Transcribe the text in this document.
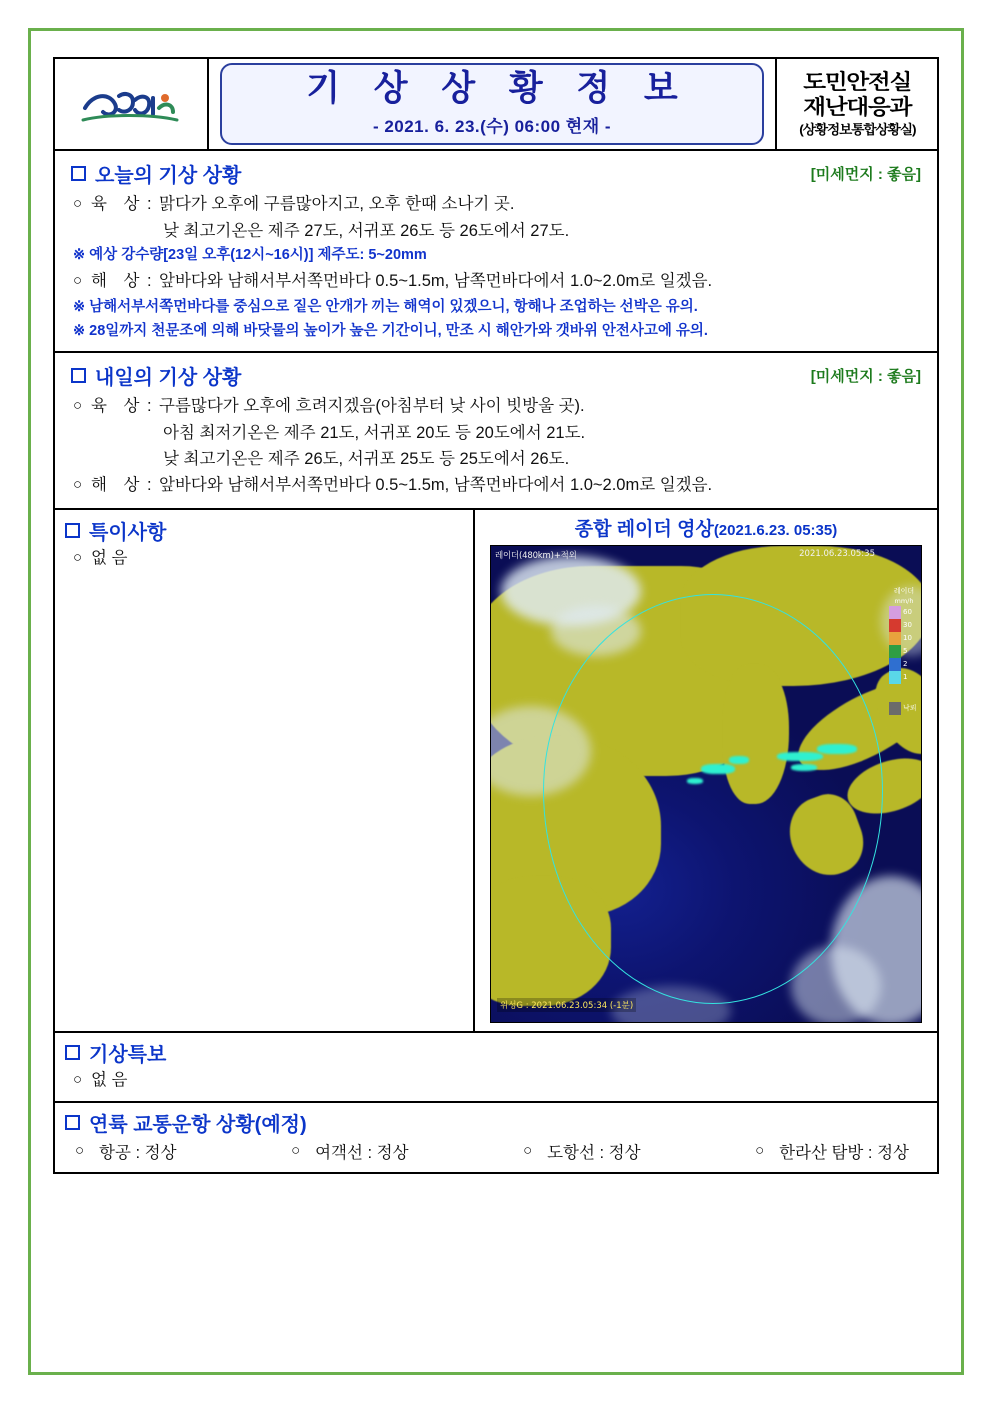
기 상 상 황 정 보
- 2021. 6. 23.(수) 06:00 현재 -
도민안전실
재난대응과
(상황정보통합상황실)
오늘의 기상 상황	[미세먼지 : 좋음]
○ 육 상 : 맑다가 오후에 구름많아지고, 오후 한때 소나기 곳.
낮 최고기온은 제주 27도, 서귀포 26도 등 26도에서 27도.
※ 예상 강수량[23일 오후(12시~16시)] 제주도: 5~20mm
○ 해 상 : 앞바다와 남해서부서쪽먼바다 0.5~1.5m, 남쪽먼바다에서 1.0~2.0m로 일겠음.
※ 남해서부서쪽먼바다를 중심으로 짙은 안개가 끼는 해역이 있겠으니, 항해나 조업하는 선박은 유의.
※ 28일까지 천문조에 의해 바닷물의 높이가 높은 기간이니, 만조 시 해안가와 갯바위 안전사고에 유의.
내일의 기상 상황	[미세먼지 : 좋음]
○ 육 상 : 구름많다가 오후에 흐려지겠음(아침부터 낮 사이 빗방울 곳).
아침 최저기온은 제주 21도, 서귀포 20도 등 20도에서 21도.
낮 최고기온은 제주 26도, 서귀포 25도 등 25도에서 26도.
○ 해 상 : 앞바다와 남해서부서쪽먼바다 0.5~1.5m, 남쪽먼바다에서 1.0~2.0m로 일겠음.
특이사항
○ 없 음
종합 레이더 영상(2021.6.23. 05:35)
레이더(480km)+적외	2021.06.23.05:35
위성G : 2021.06.23.05:34 (-1분)
레이더
mm/h
60
30
10
5
2
1
낙뢰
기상특보
○ 없 음
연륙 교통운항 상황(예정)
○ 항공 : 정상	○ 여객선 : 정상	○ 도항선 : 정상	○ 한라산 탐방 : 정상
